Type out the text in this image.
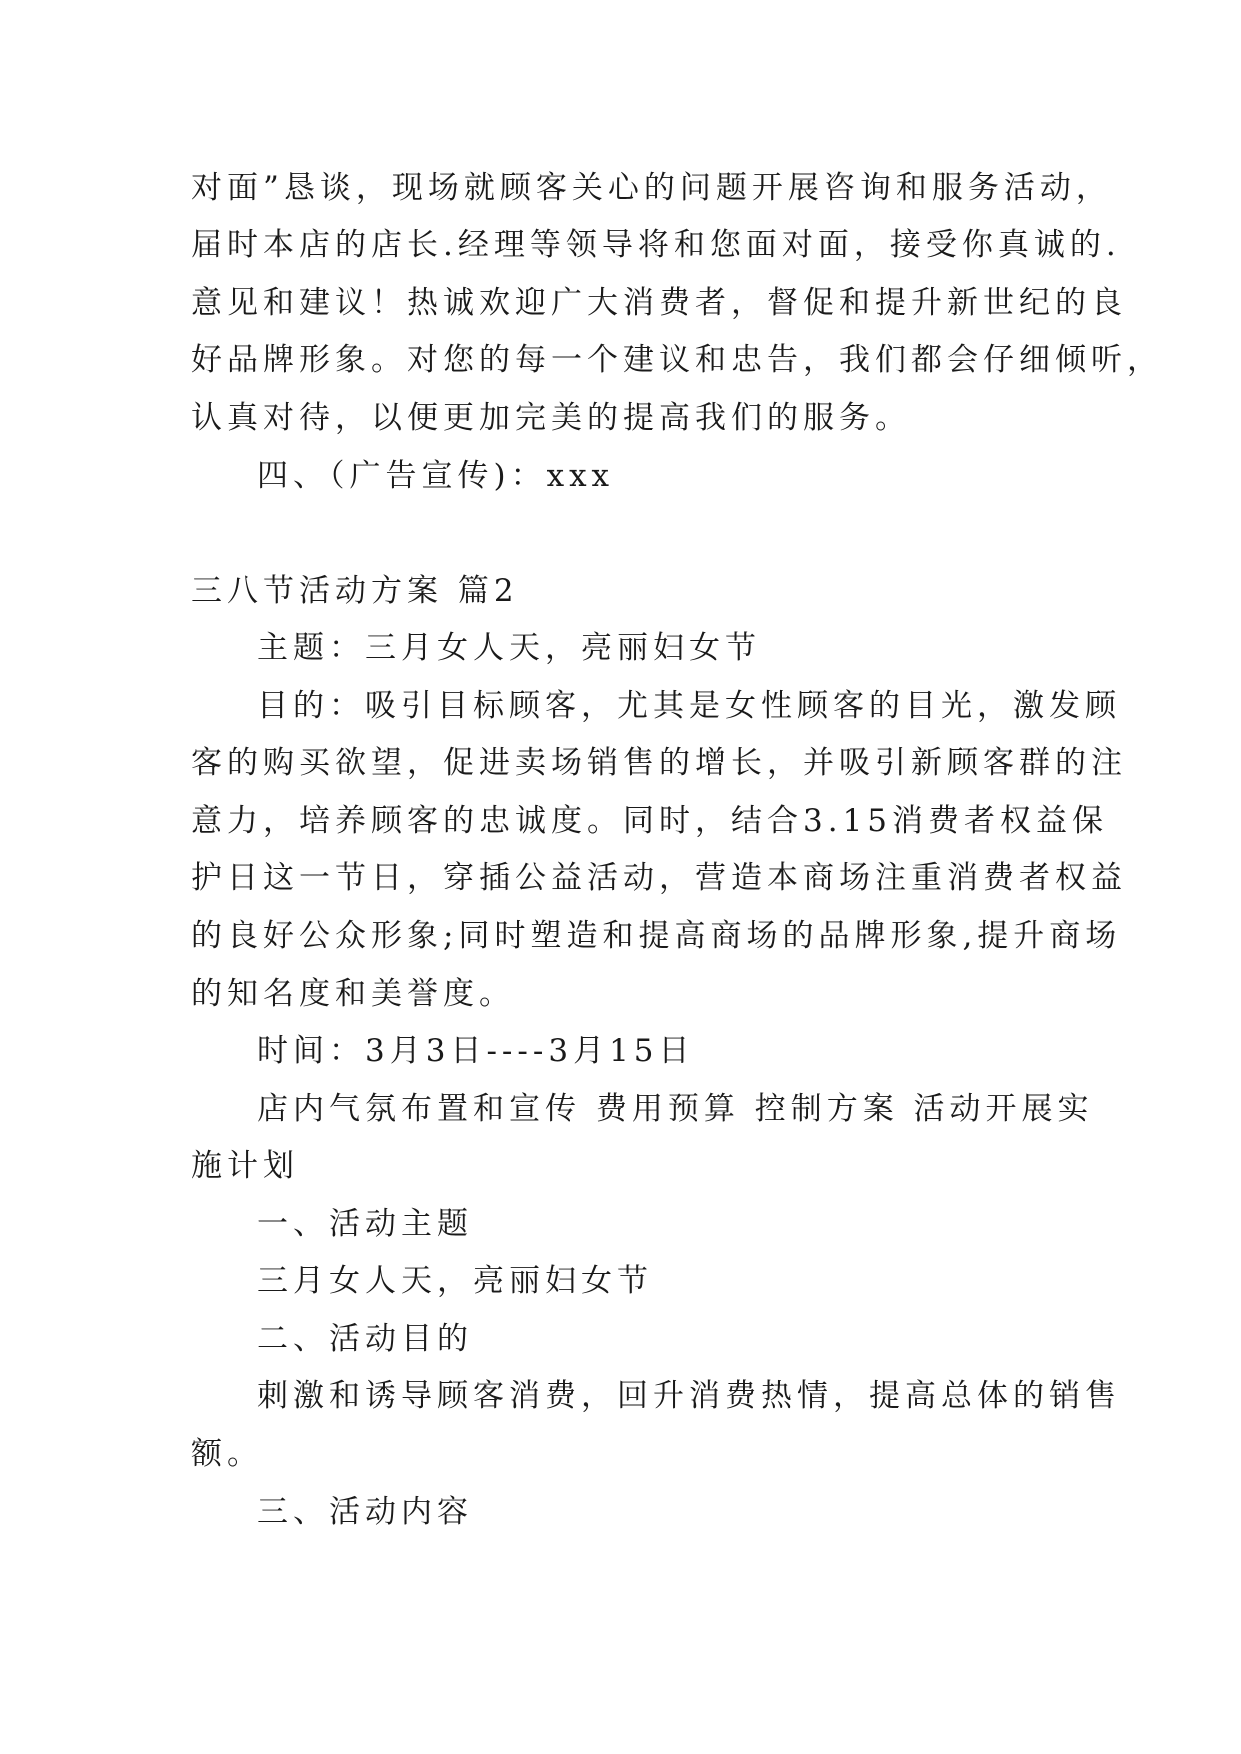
对面”恳谈，现场就顾客关心的问题开展咨询和服务活动，
届时本店的店长.经理等领导将和您面对面，接受你真诚的.
意见和建议！热诚欢迎广大消费者，督促和提升新世纪的良
好品牌形象。对您的每一个建议和忠告，我们都会仔细倾听，
认真对待，以便更加完美的提高我们的服务。
四、（广告宣传)：xxx
三八节活动方案 篇2
主题：三月女人天，亮丽妇女节
目的：吸引目标顾客，尤其是女性顾客的目光，激发顾
客的购买欲望，促进卖场销售的增长，并吸引新顾客群的注
意力，培养顾客的忠诚度。同时，结合3.15消费者权益保
护日这一节日，穿插公益活动，营造本商场注重消费者权益
的良好公众形象;同时塑造和提高商场的品牌形象,提升商场
的知名度和美誉度。
时间：3月3日----3月15日
店内气氛布置和宣传 费用预算 控制方案 活动开展实
施计划
一、活动主题
三月女人天，亮丽妇女节
二、活动目的
刺激和诱导顾客消费，回升消费热情，提高总体的销售
额。
三、活动内容
